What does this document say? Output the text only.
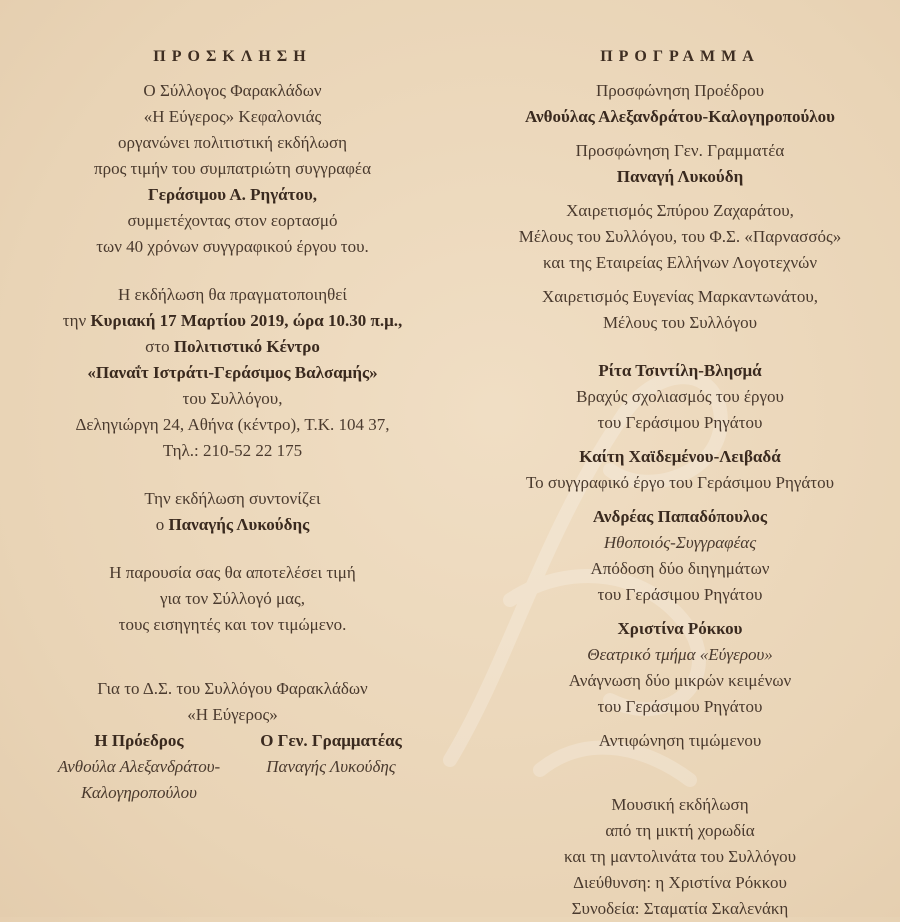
ΠΡΟΣΚΛΗΣΗ
Ο Σύλλογος Φαρακλάδων
«Η Εύγερος» Κεφαλονιάς
οργανώνει πολιτιστική εκδήλωση
προς τιμήν του συμπατριώτη συγγραφέα
Γεράσιμου Α. Ρηγάτου,
συμμετέχοντας στον εορτασμό
των 40 χρόνων συγγραφικού έργου του.
Η εκδήλωση θα πραγματοποιηθεί
την Κυριακή 17 Μαρτίου 2019, ώρα 10.30 π.μ.,
στο Πολιτιστικό Κέντρο
«Παναΐτ Ιστράτι-Γεράσιμος Βαλσαμής»
του Συλλόγου,
Δεληγιώργη 24, Αθήνα (κέντρο), Τ.Κ. 104 37,
Τηλ.: 210-52 22 175
Την εκδήλωση συντονίζει
ο Παναγής Λυκούδης
Η παρουσία σας θα αποτελέσει τιμή
για τον Σύλλογό μας,
τους εισηγητές και τον τιμώμενο.
Για το Δ.Σ. του Συλλόγου Φαρακλάδων
«Η Εύγερος»
Η Πρόεδρος
Ανθούλα Αλεξανδράτου-
Καλογηροπούλου
Ο Γεν. Γραμματέας
Παναγής Λυκούδης
ΠΡΟΓΡΑΜΜΑ
Προσφώνηση Προέδρου
Ανθούλας Αλεξανδράτου-Καλογηροπούλου
Προσφώνηση Γεν. Γραμματέα
Παναγή Λυκούδη
Χαιρετισμός Σπύρου Ζαχαράτου,
Μέλους του Συλλόγου, του Φ.Σ. «Παρνασσός»
και της Εταιρείας Ελλήνων Λογοτεχνών
Χαιρετισμός Ευγενίας Μαρκαντωνάτου,
Μέλους του Συλλόγου
Ρίτα Τσιντίλη-Βλησμά
Βραχύς σχολιασμός του έργου
του Γεράσιμου Ρηγάτου
Καίτη Χαϊδεμένου-Λειβαδά
Το συγγραφικό έργο του Γεράσιμου Ρηγάτου
Ανδρέας Παπαδόπουλος
Ηθοποιός-Συγγραφέας
Απόδοση δύο διηγημάτων
του Γεράσιμου Ρηγάτου
Χριστίνα Ρόκκου
Θεατρικό τμήμα «Εύγερου»
Ανάγνωση δύο μικρών κειμένων
του Γεράσιμου Ρηγάτου
Αντιφώνηση τιμώμενου
Μουσική εκδήλωση
από τη μικτή χορωδία
και τη μαντολινάτα του Συλλόγου
Διεύθυνση: η Χριστίνα Ρόκκου
Συνοδεία: Σταματία Σκαλενάκη
